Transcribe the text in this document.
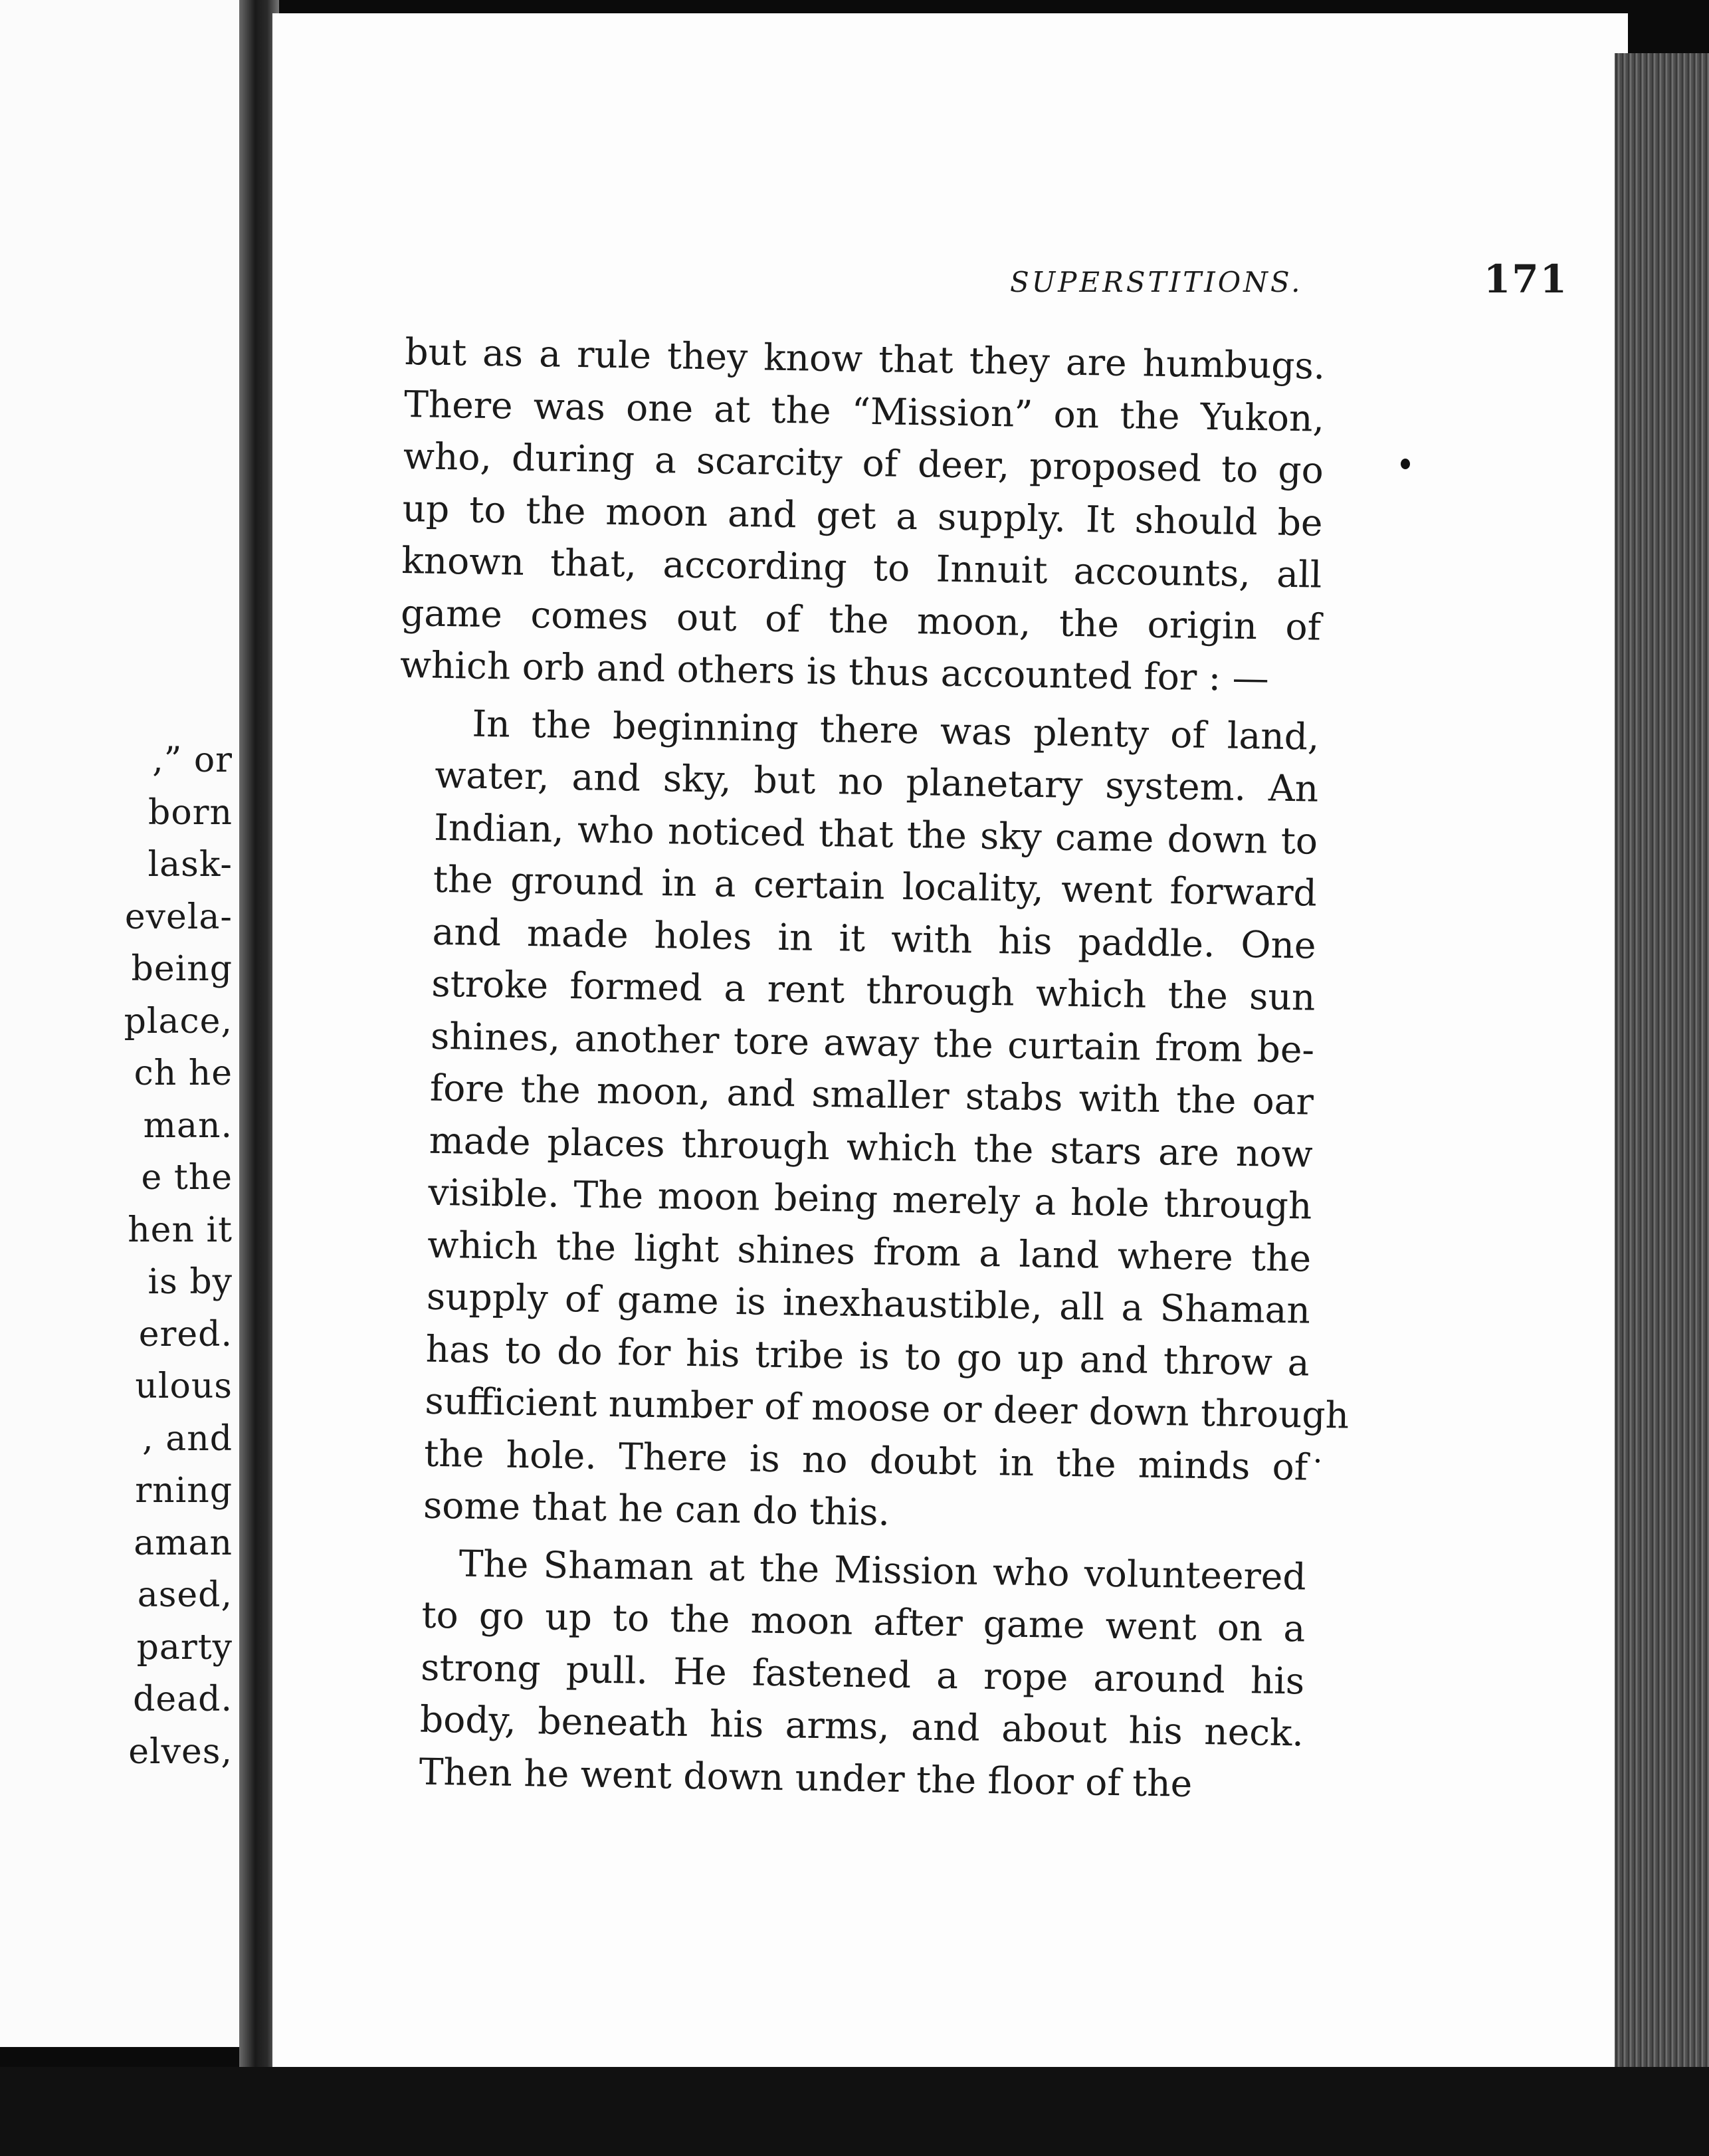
,” or
born
lask-
evela-
being
place,
ch he
man.
e the
hen it
is by
ered.
ulous
, and
rning
aman
ased,
party
dead.
elves,
SUPERSTITIONS.	171

but as a rule they know that they are humbugs.
There was one at the “Mission” on the Yukon,
who, during a scarcity of deer, proposed to go
up to the moon and get a supply. It should be
known that, according to Innuit accounts, all
game comes out of the moon, the origin of
which orb and others is thus accounted for : —

In the beginning there was plenty of land,
water, and sky, but no planetary system. An
Indian, who noticed that the sky came down to
the ground in a certain locality, went forward
and made holes in it with his paddle. One
stroke formed a rent through which the sun
shines, another tore away the curtain from be-
fore the moon, and smaller stabs with the oar
made places through which the stars are now
visible. The moon being merely a hole through
which the light shines from a land where the
supply of game is inexhaustible, all a Shaman
has to do for his tribe is to go up and throw a
sufficient number of moose or deer down through
the hole. There is no doubt in the minds of
some that he can do this.

The Shaman at the Mission who volunteered
to go up to the moon after game went on a
strong pull. He fastened a rope around his
body, beneath his arms, and about his neck.
Then he went down under the floor of the
